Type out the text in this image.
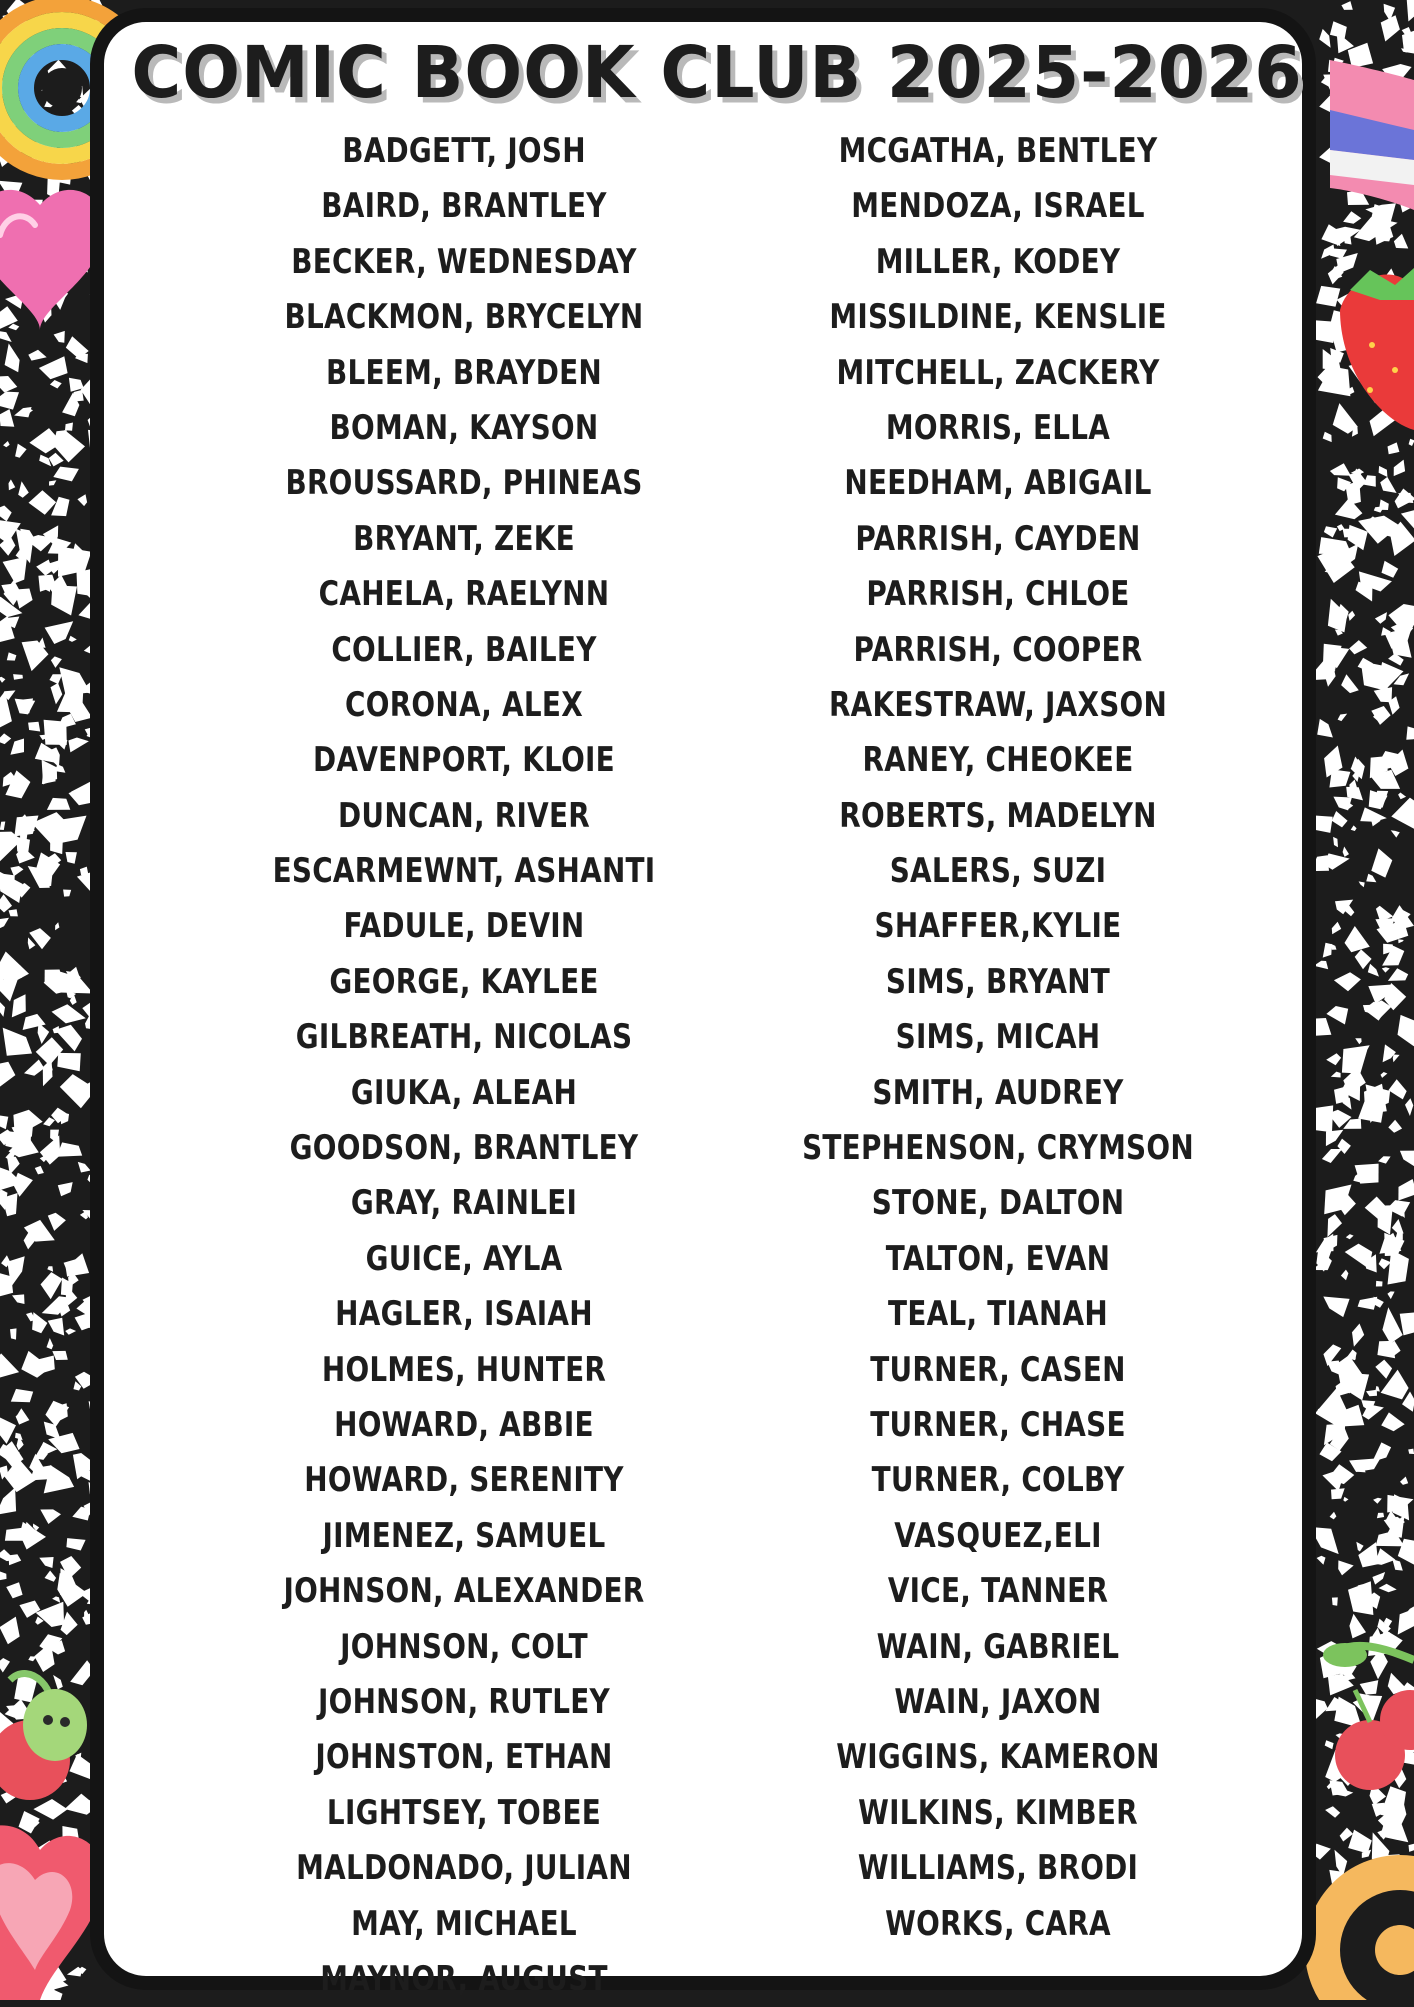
COMIC BOOK CLUB 2025-2026
BADGETT, JOSH
BAIRD, BRANTLEY
BECKER, WEDNESDAY
BLACKMON, BRYCELYN
BLEEM, BRAYDEN
BOMAN, KAYSON
BROUSSARD, PHINEAS
BRYANT, ZEKE
CAHELA, RAELYNN
COLLIER, BAILEY
CORONA, ALEX
DAVENPORT, KLOIE
DUNCAN, RIVER
ESCARMEWNT, ASHANTI
FADULE, DEVIN
GEORGE, KAYLEE
GILBREATH, NICOLAS
GIUKA, ALEAH
GOODSON, BRANTLEY
GRAY, RAINLEI
GUICE, AYLA
HAGLER, ISAIAH
HOLMES, HUNTER
HOWARD, ABBIE
HOWARD, SERENITY
JIMENEZ, SAMUEL
JOHNSON, ALEXANDER
JOHNSON, COLT
JOHNSON, RUTLEY
JOHNSTON, ETHAN
LIGHTSEY, TOBEE
MALDONADO, JULIAN
MAY, MICHAEL
MAYNOR, AUGUST
MCGATHA, BENTLEY
MENDOZA, ISRAEL
MILLER, KODEY
MISSILDINE, KENSLIE
MITCHELL, ZACKERY
MORRIS, ELLA
NEEDHAM, ABIGAIL
PARRISH, CAYDEN
PARRISH, CHLOE
PARRISH, COOPER
RAKESTRAW, JAXSON
RANEY, CHEOKEE
ROBERTS, MADELYN
SALERS, SUZI
SHAFFER,KYLIE
SIMS, BRYANT
SIMS, MICAH
SMITH, AUDREY
STEPHENSON, CRYMSON
STONE, DALTON
TALTON, EVAN
TEAL, TIANAH
TURNER, CASEN
TURNER, CHASE
TURNER, COLBY
VASQUEZ,ELI
VICE, TANNER
WAIN, GABRIEL
WAIN, JAXON
WIGGINS, KAMERON
WILKINS, KIMBER
WILLIAMS, BRODI
WORKS, CARA
